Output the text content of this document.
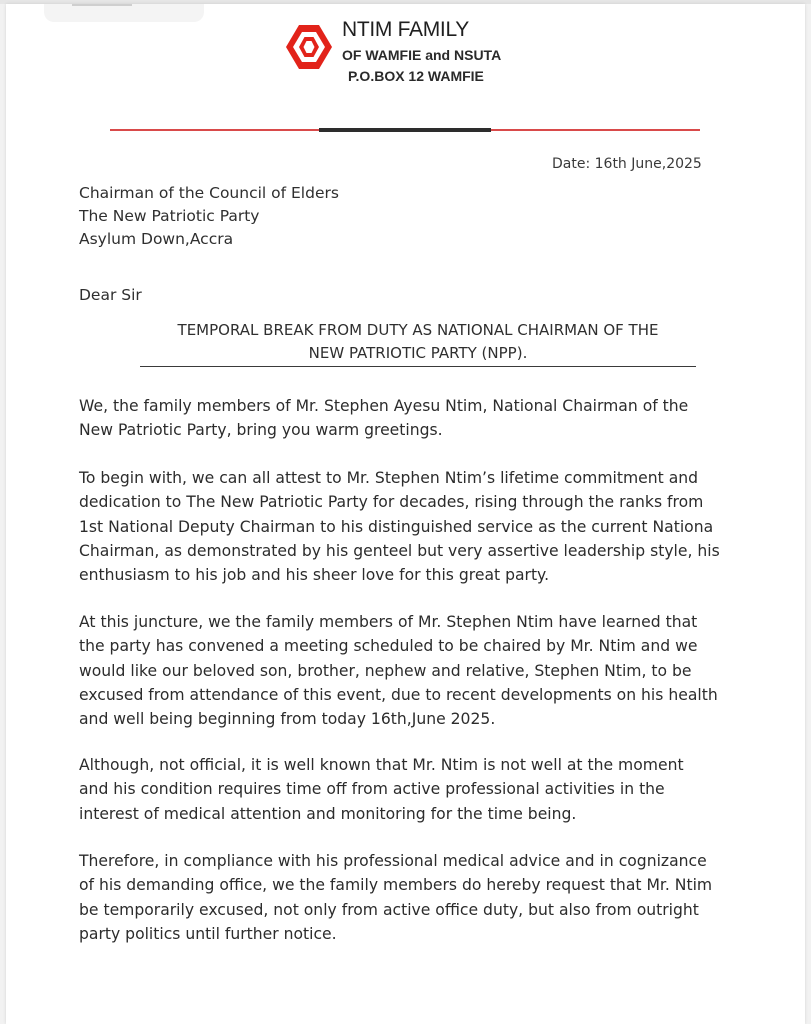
NTIM FAMILY
OF WAMFIE and NSUTA
P.O.BOX 12 WAMFIE
Date: 16th June,2025
Chairman of the Council of Elders
The New Patriotic Party
Asylum Down,Accra
Dear Sir
TEMPORAL BREAK FROM DUTY AS NATIONAL CHAIRMAN OF THE
NEW PATRIOTIC PARTY (NPP).
We, the family members of Mr. Stephen Ayesu Ntim, National Chairman of the
New Patriotic Party, bring you warm greetings.
To begin with, we can all attest to Mr. Stephen Ntim’s lifetime commitment and
dedication to The New Patriotic Party for decades, rising through the ranks from
1st National Deputy Chairman to his distinguished service as the current Nationa
Chairman, as demonstrated by his genteel but very assertive leadership style, his
enthusiasm to his job and his sheer love for this great party.
At this juncture, we the family members of Mr. Stephen Ntim have learned that
the party has convened a meeting scheduled to be chaired by Mr. Ntim and we
would like our beloved son, brother, nephew and relative, Stephen Ntim, to be
excused from attendance of this event, due to recent developments on his health
and well being beginning from today 16th,June 2025.
Although, not official, it is well known that Mr. Ntim is not well at the moment
and his condition requires time off from active professional activities in the
interest of medical attention and monitoring for the time being.
Therefore, in compliance with his professional medical advice and in cognizance
of his demanding office, we the family members do hereby request that Mr. Ntim
be temporarily excused, not only from active office duty, but also from outright
party politics until further notice.
